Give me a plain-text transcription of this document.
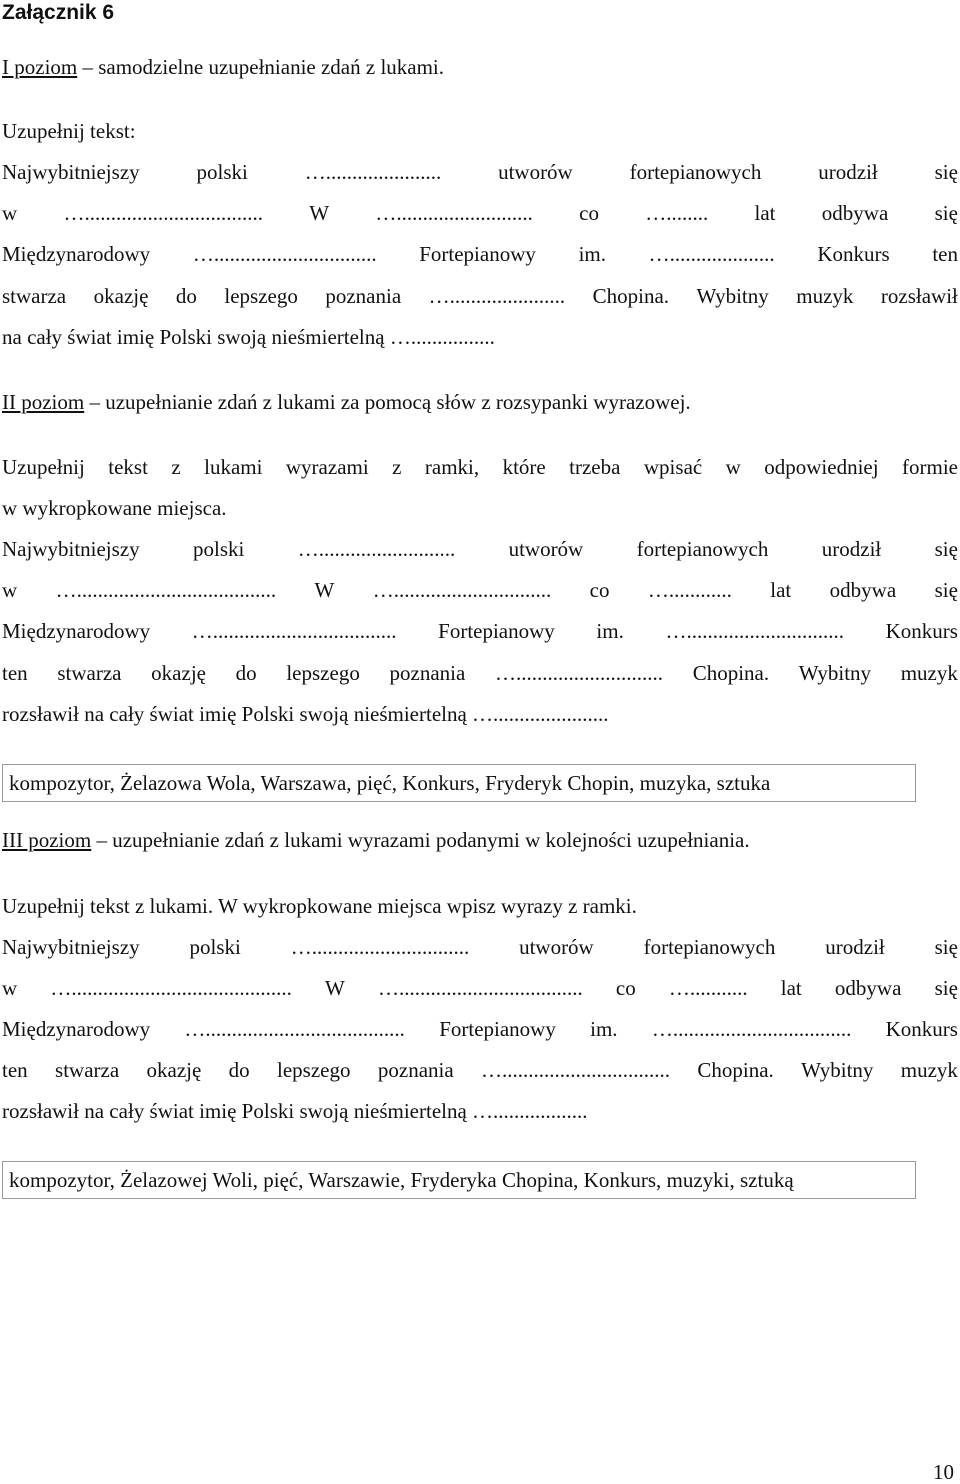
Załącznik 6
I poziom – samodzielne uzupełnianie zdań z lukami.
Uzupełnij tekst:
Najwybitniejszy	polski	…......................	utworów	fortepianowych	urodził	się
w ….................................. W ….......................... co …........ lat odbywa się
Międzynarodowy …............................... Fortepianowy im. ….................... Konkurs ten
stwarza okazję do lepszego poznania …...................... Chopina. Wybitny muzyk rozsławił
na cały świat imię Polski swoją nieśmiertelną …................
II poziom – uzupełnianie zdań z lukami za pomocą słów z rozsypanki wyrazowej.
Uzupełnij tekst z lukami wyrazami z ramki, które trzeba wpisać w odpowiedniej formie
w wykropkowane miejsca.
Najwybitniejszy	polski	…..........................	utworów	fortepianowych	urodził	się
w …...................................... W ….............................. co …............ lat odbywa się
Międzynarodowy …................................... Fortepianowy im. ….............................. Konkurs
ten stwarza okazję do lepszego poznania …............................ Chopina. Wybitny muzyk
rozsławił na cały świat imię Polski swoją nieśmiertelną …......................
kompozytor, Żelazowa Wola, Warszawa, pięć, Konkurs, Fryderyk Chopin, muzyka, sztuka
III poziom – uzupełnianie zdań z lukami wyrazami podanymi w kolejności uzupełniania.
Uzupełnij tekst z lukami. W wykropkowane miejsca wpisz wyrazy z ramki.
Najwybitniejszy polski ….............................. utworów fortepianowych urodził się
w ….......................................... W …................................... co …........... lat odbywa się
Międzynarodowy …...................................... Fortepianowy im. ….................................. Konkurs
ten stwarza okazję do lepszego poznania …................................ Chopina. Wybitny muzyk
rozsławił na cały świat imię Polski swoją nieśmiertelną …..................
kompozytor, Żelazowej Woli, pięć, Warszawie, Fryderyka Chopina, Konkurs, muzyki, sztuką
10
